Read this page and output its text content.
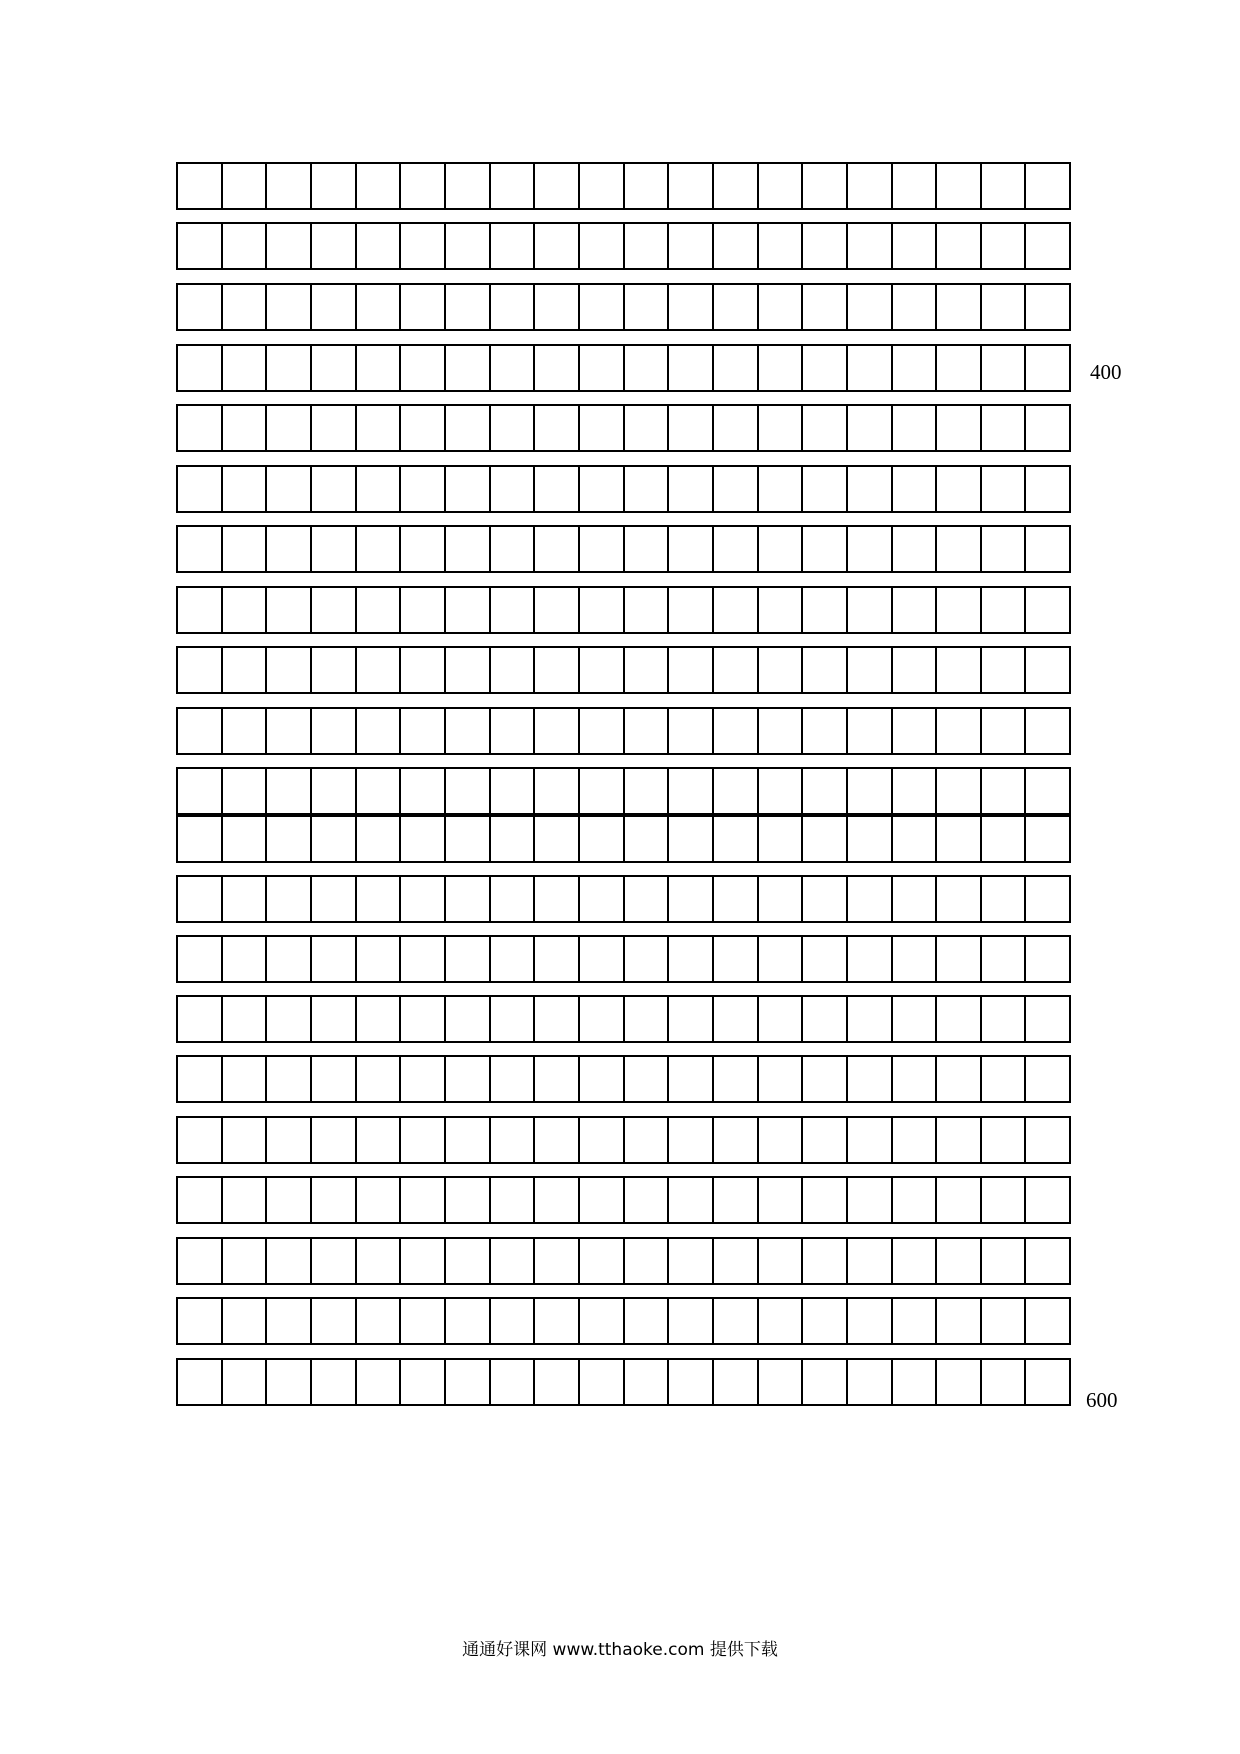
400
600
通通好课网 www.tthaoke.com 提供下载
